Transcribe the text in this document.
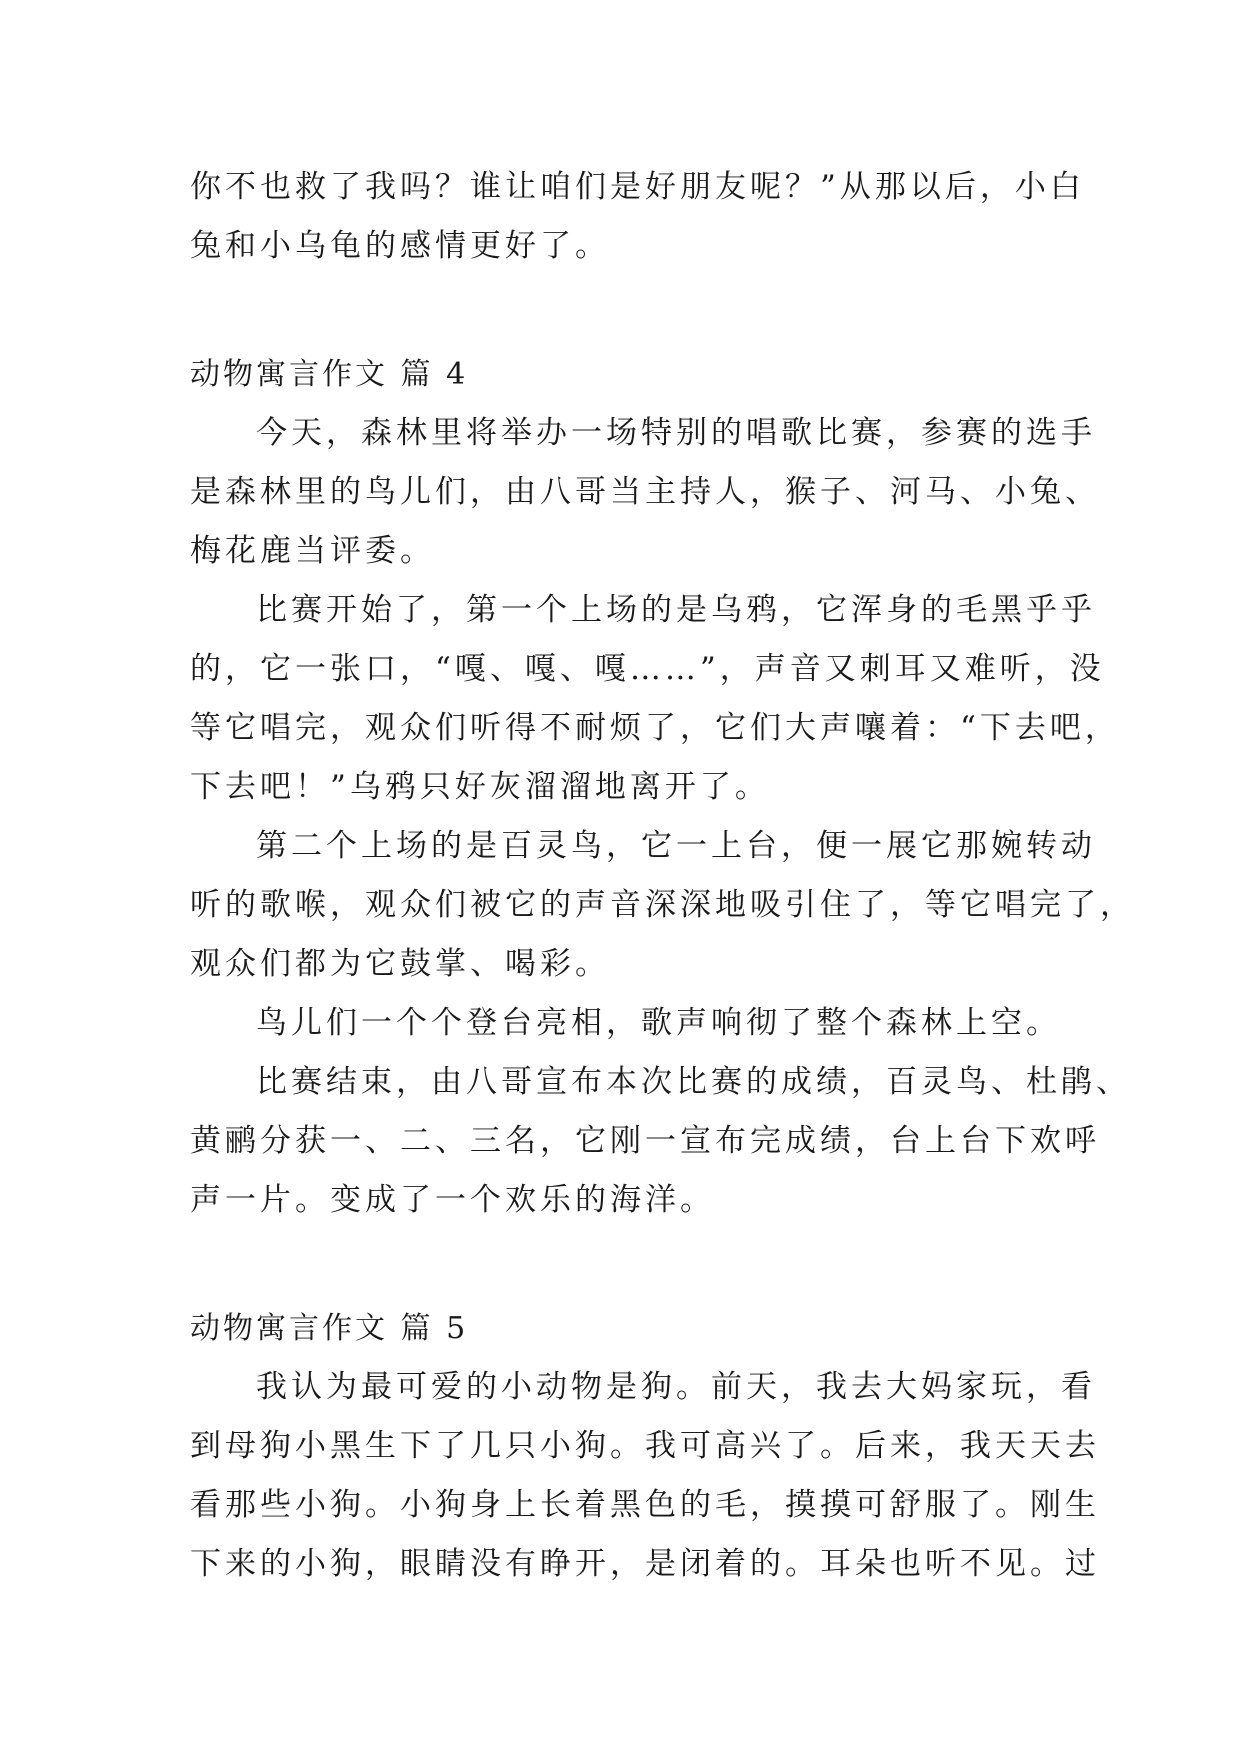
你不也救了我吗？谁让咱们是好朋友呢？”从那以后，小白
兔和小乌龟的感情更好了。
动物寓言作文 篇 4
今天，森林里将举办一场特别的唱歌比赛，参赛的选手
是森林里的鸟儿们，由八哥当主持人，猴子、河马、小兔、
梅花鹿当评委。
比赛开始了，第一个上场的是乌鸦，它浑身的毛黑乎乎
的，它一张口，“嘎、嘎、嘎……”，声音又刺耳又难听，没
等它唱完，观众们听得不耐烦了，它们大声嚷着：“下去吧，
下去吧！”乌鸦只好灰溜溜地离开了。
第二个上场的是百灵鸟，它一上台，便一展它那婉转动
听的歌喉，观众们被它的声音深深地吸引住了，等它唱完了，
观众们都为它鼓掌、喝彩。
鸟儿们一个个登台亮相，歌声响彻了整个森林上空。
比赛结束，由八哥宣布本次比赛的成绩，百灵鸟、杜鹃、
黄鹂分获一、二、三名，它刚一宣布完成绩，台上台下欢呼
声一片。变成了一个欢乐的海洋。
动物寓言作文 篇 5
我认为最可爱的小动物是狗。前天，我去大妈家玩，看
到母狗小黑生下了几只小狗。我可高兴了。后来，我天天去
看那些小狗。小狗身上长着黑色的毛，摸摸可舒服了。刚生
下来的小狗，眼睛没有睁开，是闭着的。耳朵也听不见。过
